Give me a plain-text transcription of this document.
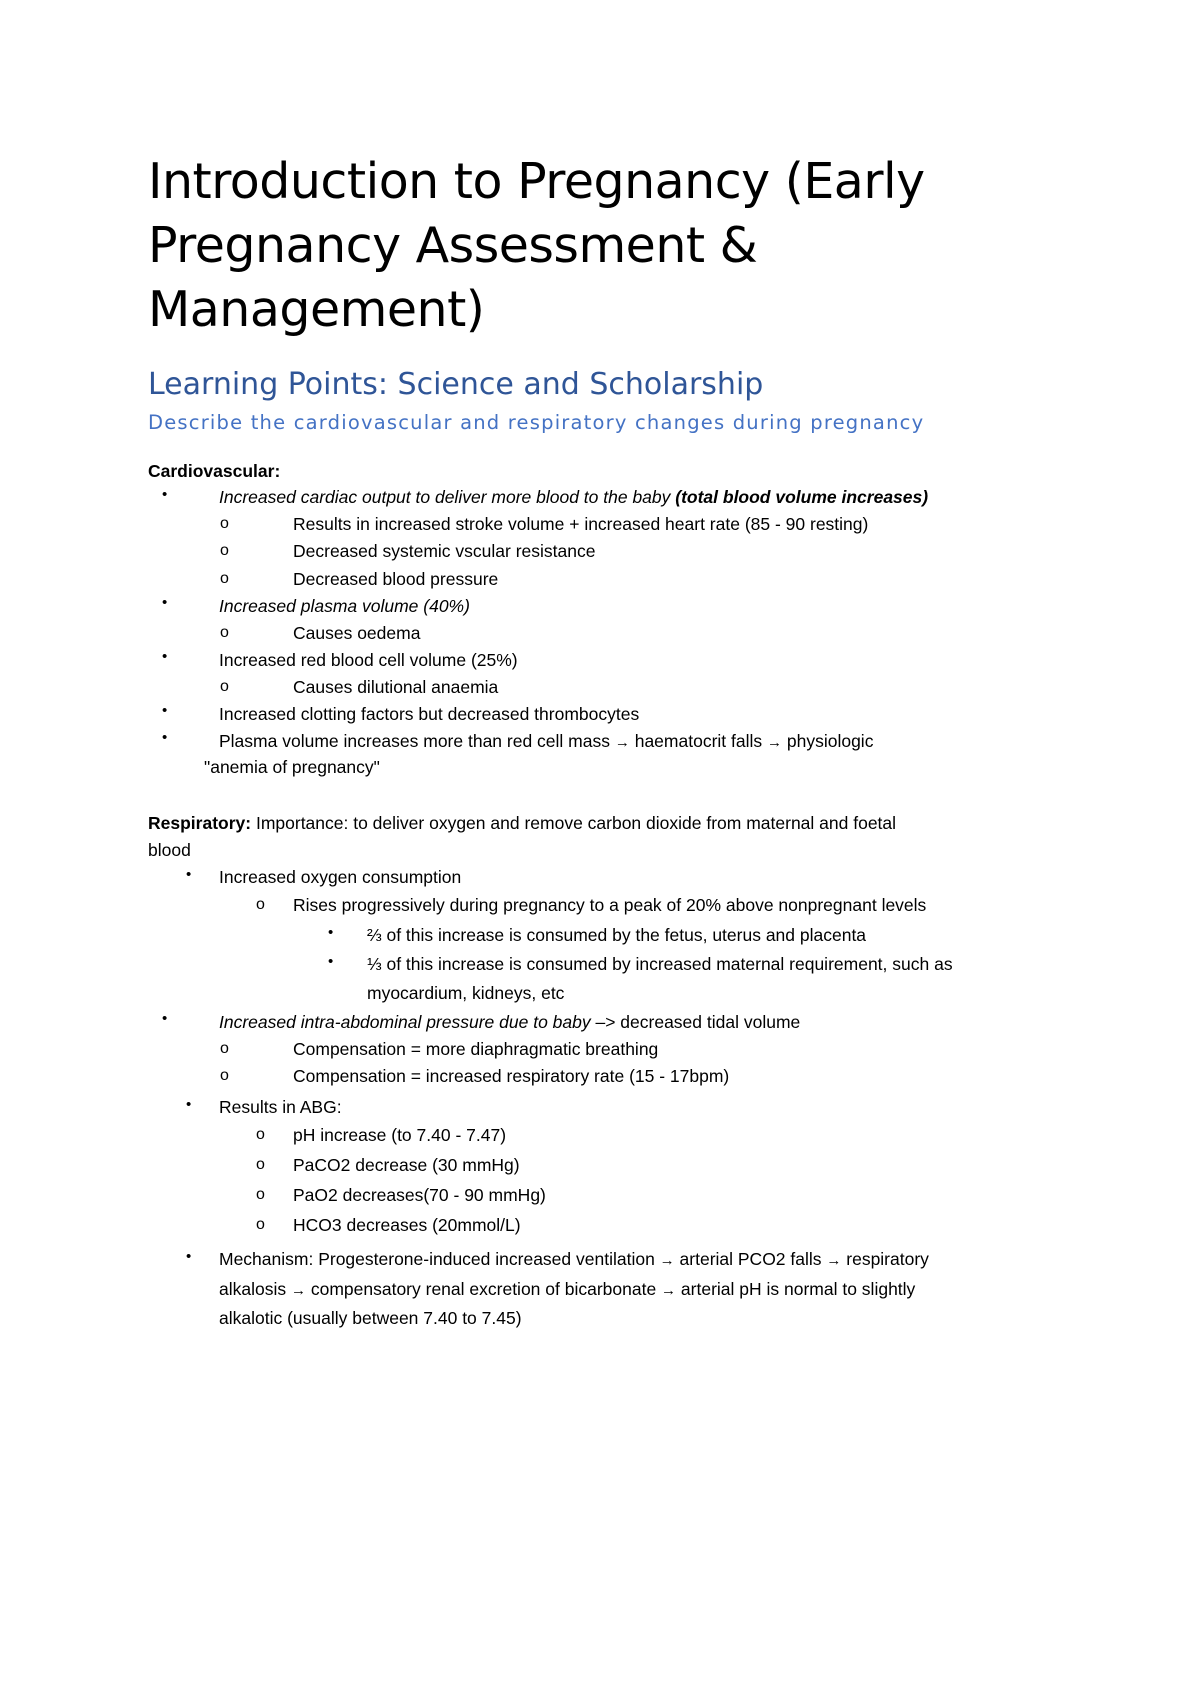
Introduction to Pregnancy (Early Pregnancy Assessment & Management)
Learning Points: Science and Scholarship
Describe the cardiovascular and respiratory changes during pregnancy
Cardiovascular:
•	Increased cardiac output to deliver more blood to the baby (total blood volume increases)
o	Results in increased stroke volume + increased heart rate (85 - 90 resting)
o	Decreased systemic vscular resistance
o	Decreased blood pressure
•	Increased plasma volume (40%)
o	Causes oedema
•	Increased red blood cell volume (25%)
o	Causes dilutional anaemia
•	Increased clotting factors but decreased thrombocytes
•	Plasma volume increases more than red cell mass → haematocrit falls → physiologic
"anemia of pregnancy"
Respiratory: Importance: to deliver oxygen and remove carbon dioxide from maternal and foetal
blood
• Increased oxygen consumption
o Rises progressively during pregnancy to a peak of 20% above nonpregnant levels
• ⅔ of this increase is consumed by the fetus, uterus and placenta
• ⅓ of this increase is consumed by increased maternal requirement, such as
myocardium, kidneys, etc
•	Increased intra-abdominal pressure due to baby –> decreased tidal volume
o	Compensation = more diaphragmatic breathing
o	Compensation = increased respiratory rate (15 - 17bpm)
• Results in ABG:
o pH increase (to 7.40 - 7.47)
o PaCO2 decrease (30 mmHg)
o PaO2 decreases(70 - 90 mmHg)
o HCO3 decreases (20mmol/L)
• Mechanism: Progesterone-induced increased ventilation → arterial PCO2 falls → respiratory
alkalosis → compensatory renal excretion of bicarbonate → arterial pH is normal to slightly
alkalotic (usually between 7.40 to 7.45)
